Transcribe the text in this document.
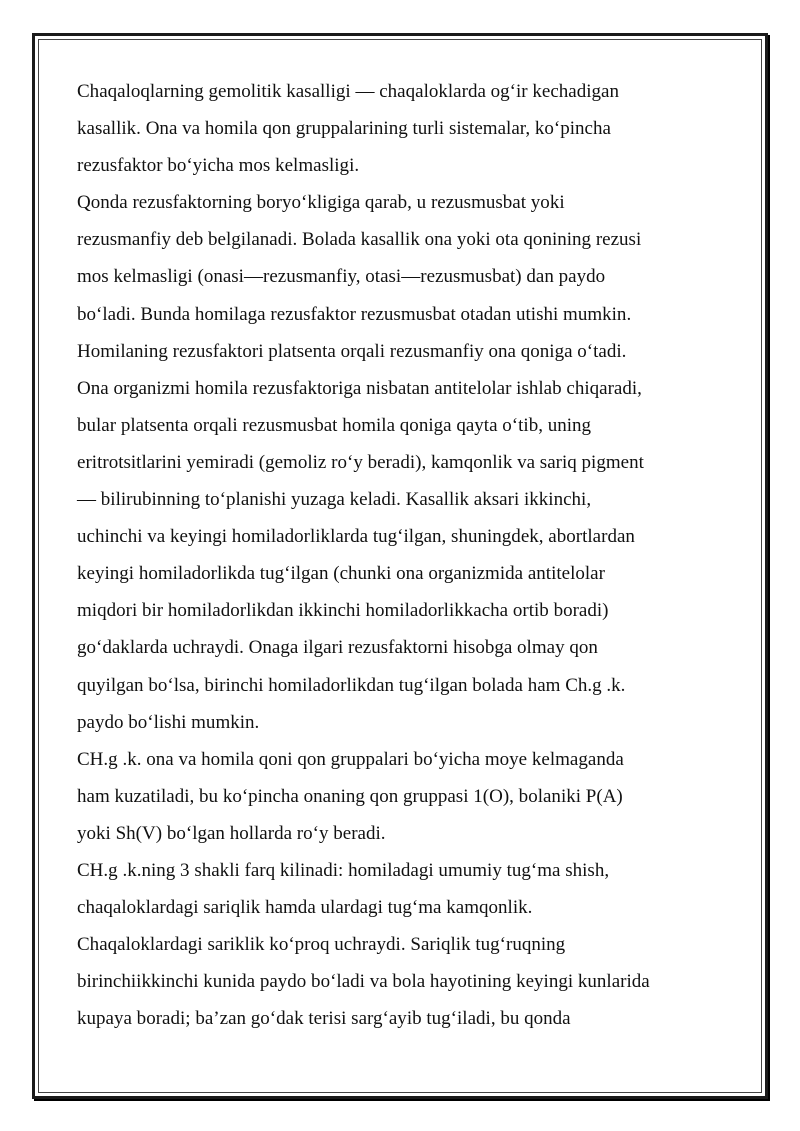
Chaqaloqlarning gemolitik kasalligi — chaqaloklarda og‘ir kechadigan
kasallik. Ona va homila qon gruppalarining turli sistemalar, ko‘pincha
rezusfaktor bo‘yicha mos kelmasligi.
Qonda rezusfaktorning boryo‘kligiga qarab, u rezusmusbat yoki
rezusmanfiy deb belgilanadi. Bolada kasallik ona yoki ota qonining rezusi
mos kelmasligi (onasi—rezusmanfiy, otasi—rezusmusbat) dan paydo
bo‘ladi. Bunda homilaga rezusfaktor rezusmusbat otadan utishi mumkin.
Homilaning rezusfaktori platsenta orqali rezusmanfiy ona qoniga o‘tadi.
Ona organizmi homila rezusfaktoriga nisbatan antitelolar ishlab chiqaradi,
bular platsenta orqali rezusmusbat homila qoniga qayta o‘tib, uning
eritrotsitlarini yemiradi (gemoliz ro‘y beradi), kamqonlik va sariq pigment
— bilirubinning to‘planishi yuzaga keladi. Kasallik aksari ikkinchi,
uchinchi va keyingi homiladorliklarda tug‘ilgan, shuningdek, abortlardan
keyingi homiladorlikda tug‘ilgan (chunki ona organizmida antitelolar
miqdori bir homiladorlikdan ikkinchi homiladorlikkacha ortib boradi)
go‘daklarda uchraydi. Onaga ilgari rezusfaktorni hisobga olmay qon
quyilgan bo‘lsa, birinchi homiladorlikdan tug‘ilgan bolada ham Ch.g .k.
paydo bo‘lishi mumkin.
CH.g .k. ona va homila qoni qon gruppalari bo‘yicha moye kelmaganda
ham kuzatiladi, bu ko‘pincha onaning qon gruppasi 1(O), bolaniki P(A)
yoki Sh(V) bo‘lgan hollarda ro‘y beradi.
CH.g .k.ning 3 shakli farq kilinadi: homiladagi umumiy tug‘ma shish,
chaqaloklardagi sariqlik hamda ulardagi tug‘ma kamqonlik.
Chaqaloklardagi sariklik ko‘proq uchraydi. Sariqlik tug‘ruqning
birinchiikkinchi kunida paydo bo‘ladi va bola hayotining keyingi kunlarida
kupaya boradi; ba’zan go‘dak terisi sarg‘ayib tug‘iladi, bu qonda
